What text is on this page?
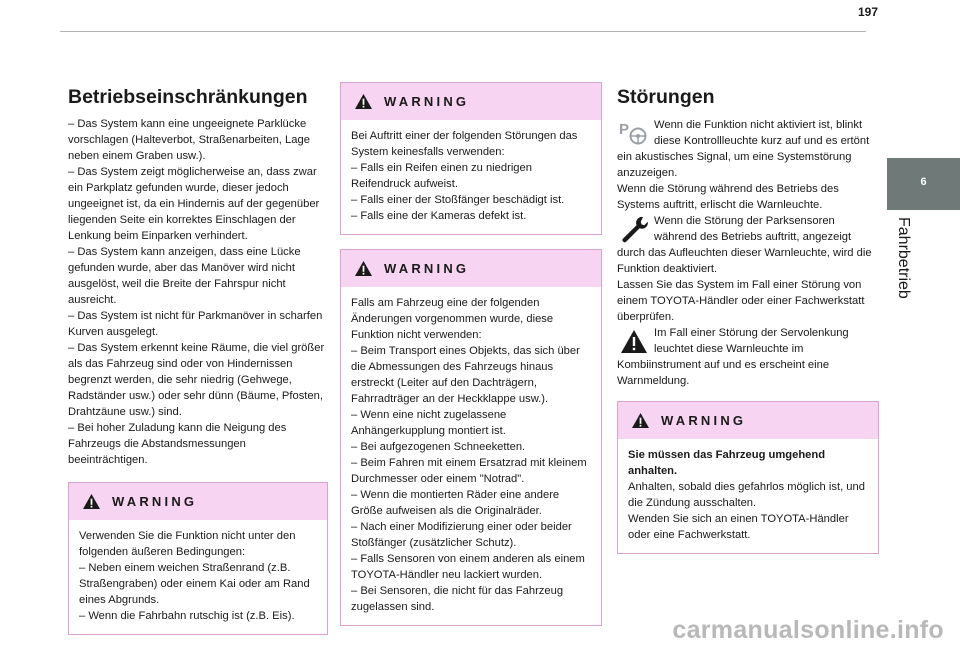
197
6
Fahrbetrieb
Betriebseinschränkungen

– Das System kann eine ungeeignete Parklücke vorschlagen (Halteverbot, Straßenarbeiten, Lage neben einem Graben usw.).

– Das System zeigt möglicherweise an, dass zwar ein Parkplatz gefunden wurde, dieser jedoch ungeeignet ist, da ein Hindernis auf der gegenüber liegenden Seite ein korrektes Einschlagen der Lenkung beim Einparken verhindert.

– Das System kann anzeigen, dass eine Lücke gefunden wurde, aber das Manöver wird nicht ausgelöst, weil die Breite der Fahrspur nicht ausreicht.

– Das System ist nicht für Parkmanöver in scharfen Kurven ausgelegt.

– Das System erkennt keine Räume, die viel größer als das Fahrzeug sind oder von Hindernissen begrenzt werden, die sehr niedrig (Gehwege, Radständer usw.) oder sehr dünn (Bäume, Pfosten, Drahtzäune usw.) sind.

– Bei hoher Zuladung kann die Neigung des Fahrzeugs die Abstandsmessungen beeinträchtigen.

WARNING

Verwenden Sie die Funktion nicht unter den folgenden äußeren Bedingungen:

– Neben einem weichen Straßenrand (z.B. Straßengraben) oder einem Kai oder am Rand eines Abgrunds.

– Wenn die Fahrbahn rutschig ist (z.B. Eis).

WARNING

Bei Auftritt einer der folgenden Störungen das System keinesfalls verwenden:

– Falls ein Reifen einen zu niedrigen Reifendruck aufweist.

– Falls einer der Stoßfänger beschädigt ist.

– Falls eine der Kameras defekt ist.

WARNING

Falls am Fahrzeug eine der folgenden Änderungen vorgenommen wurde, diese Funktion nicht verwenden:

– Beim Transport eines Objekts, das sich über die Abmessungen des Fahrzeugs hinaus erstreckt (Leiter auf den Dachträgern, Fahrradträger an der Heckklappe usw.).

– Wenn eine nicht zugelassene Anhängerkupplung montiert ist.

– Bei aufgezogenen Schneeketten.

– Beim Fahren mit einem Ersatzrad mit kleinem Durchmesser oder einem "Notrad".

– Wenn die montierten Räder eine andere Größe aufweisen als die Originalräder.

– Nach einer Modifizierung einer oder beider Stoßfänger (zusätzlicher Schutz).

– Falls Sensoren von einem anderen als einem TOYOTA-Händler neu lackiert wurden.

– Bei Sensoren, die nicht für das Fahrzeug zugelassen sind.

Störungen
P	Wenn die Funktion nicht aktiviert ist, blinkt diese Kontrollleuchte kurz auf und es ertönt ein akustisches Signal, um eine Systemstörung anzuzeigen.

Wenn die Störung während des Betriebs des Systems auftritt, erlischt die Warnleuchte.

Wenn die Störung der Parksensoren während des Betriebs auftritt, angezeigt durch das Aufleuchten dieser Warnleuchte, wird die Funktion deaktiviert.

Lassen Sie das System im Fall einer Störung von einem TOYOTA-Händler oder einer Fachwerkstatt überprüfen.

Im Fall einer Störung der Servolenkung leuchtet diese Warnleuchte im Kombiinstrument auf und es erscheint eine Warnmeldung.

WARNING

Sie müssen das Fahrzeug umgehend anhalten.

Anhalten, sobald dies gefahrlos möglich ist, und die Zündung ausschalten.

Wenden Sie sich an einen TOYOTA-Händler oder eine Fachwerkstatt.

carmanualsonline.info
